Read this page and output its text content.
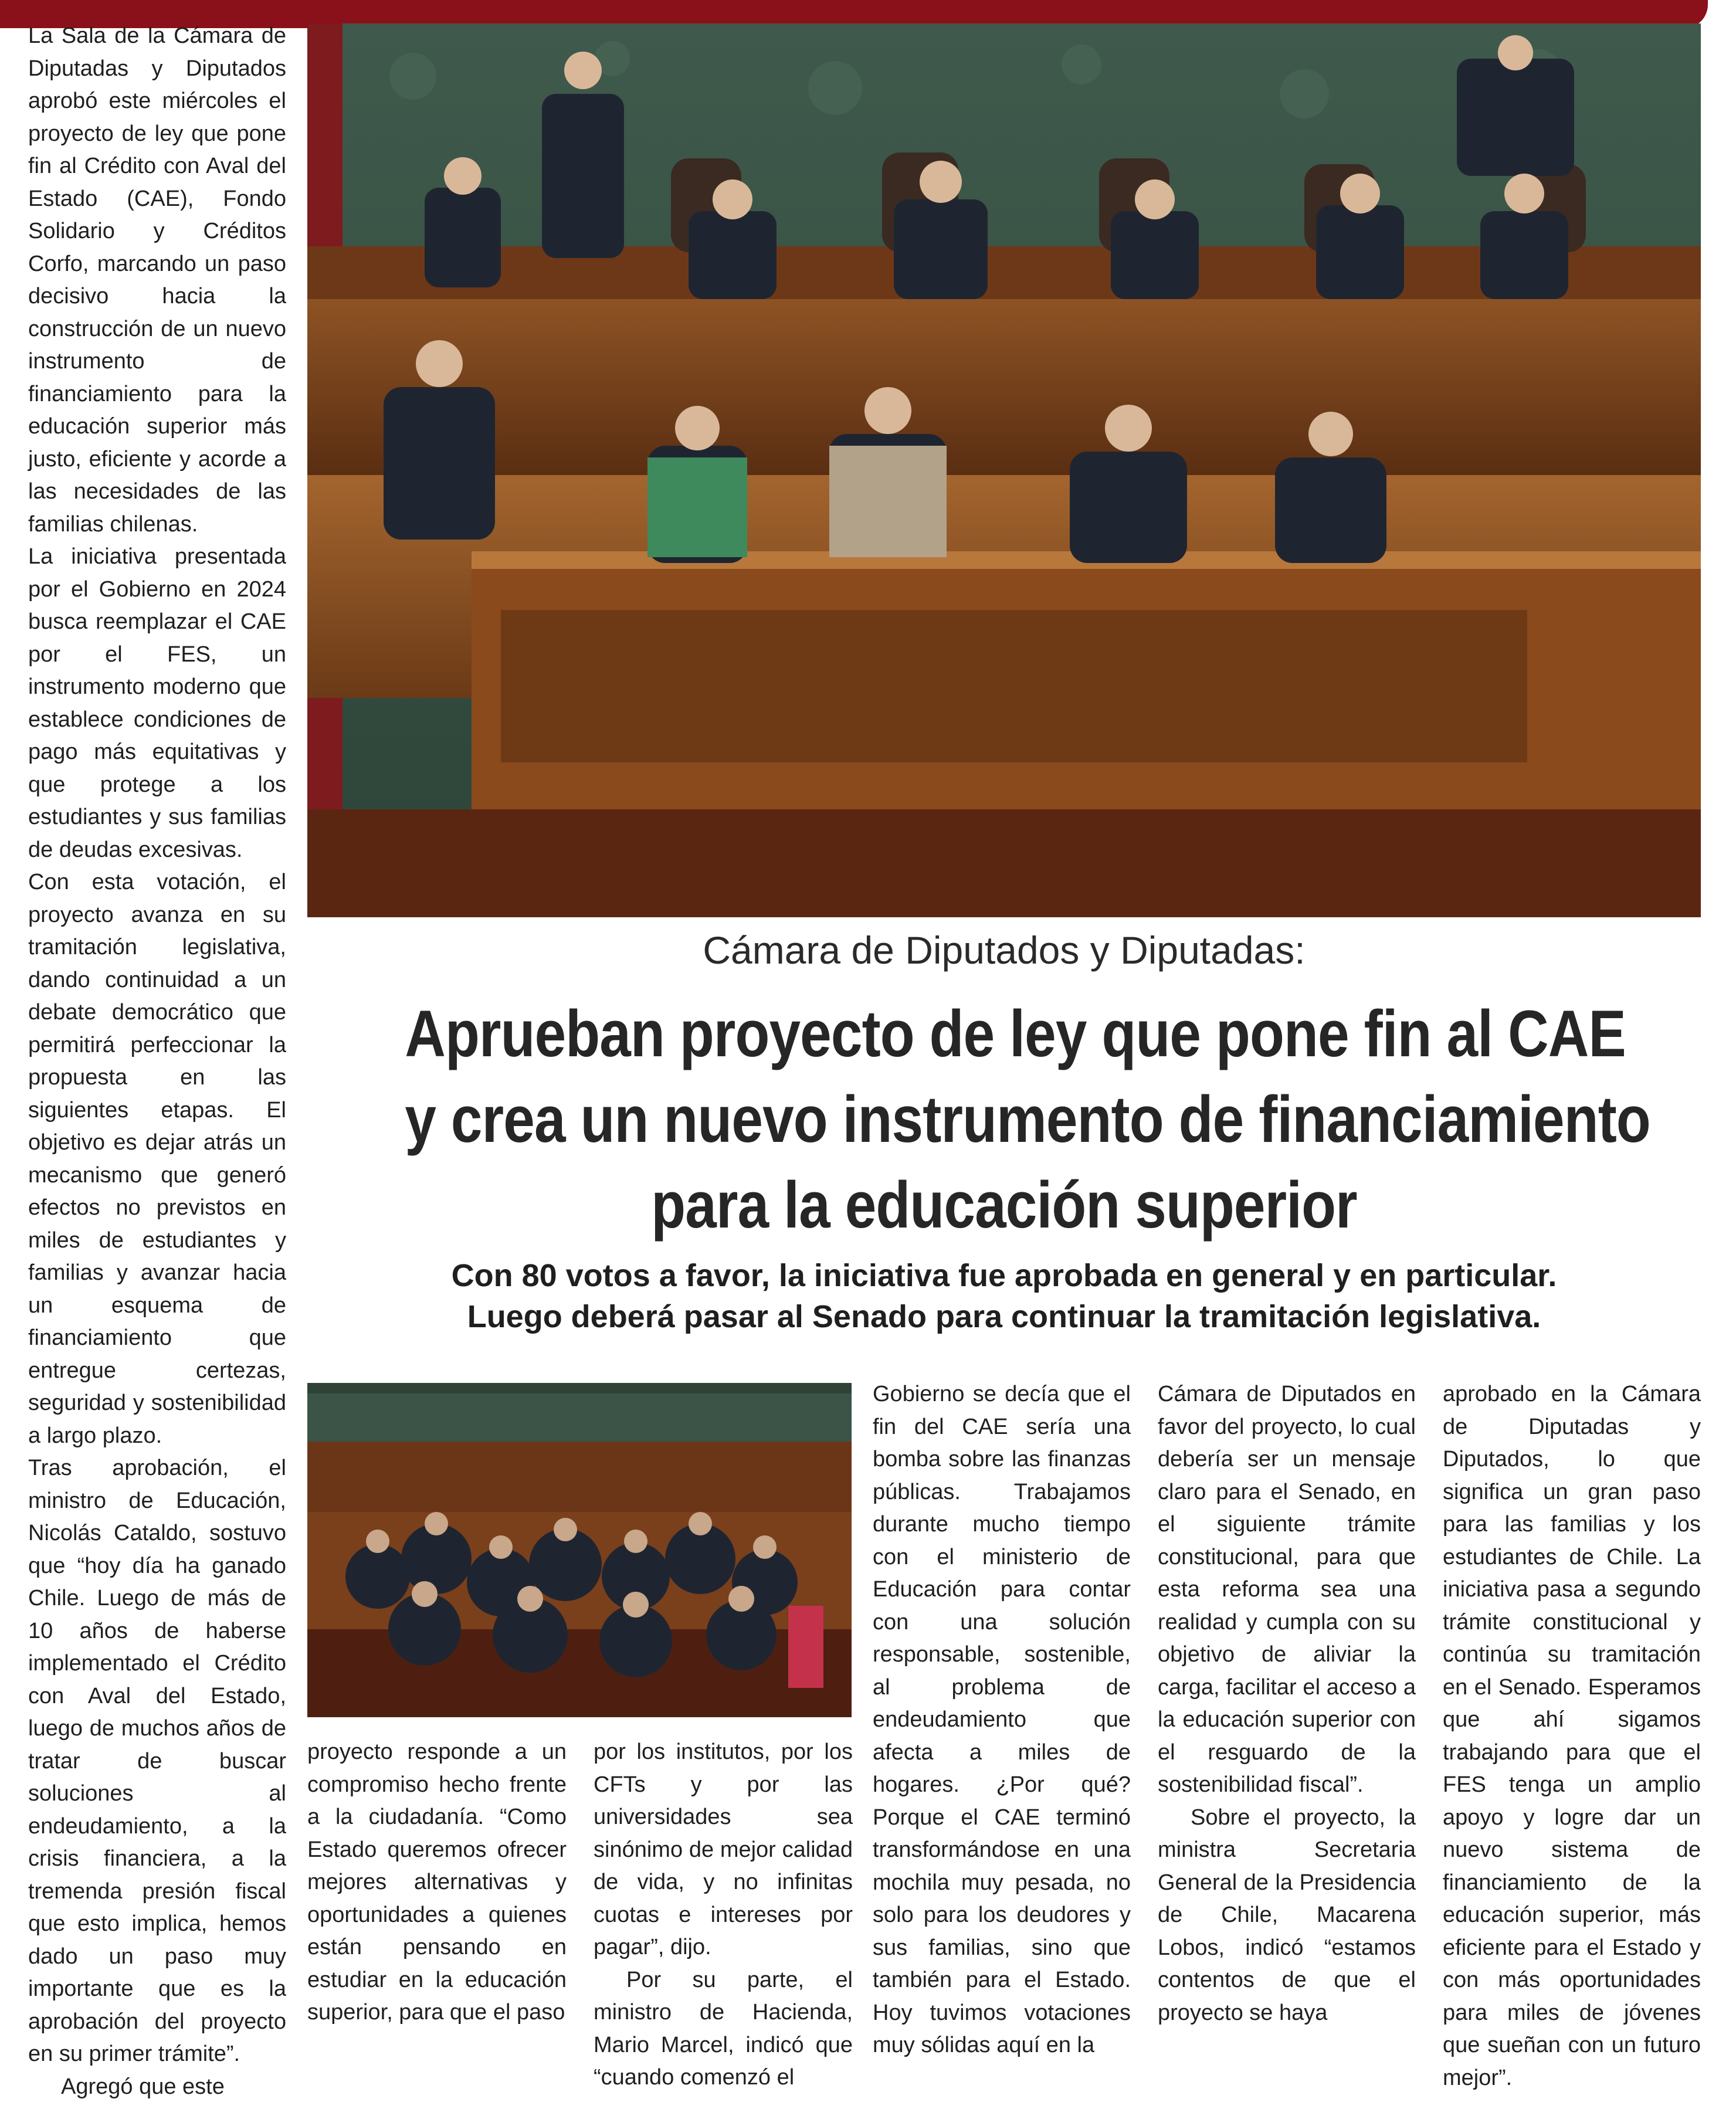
La Sala de la Cámara de Diputadas y Diputados aprobó este miércoles el proyecto de ley que pone fin al Crédito con Aval del Estado (CAE), Fondo Solidario y Créditos Corfo, marcando un paso decisivo hacia la construcción de un nuevo instrumento de financiamiento para la educación superior más justo, eficiente y acorde a las necesidades de las familias chilenas.

La iniciativa presentada por el Gobierno en 2024 busca reemplazar el CAE por el FES, un instrumento moderno que establece condiciones de pago más equitativas y que protege a los estudiantes y sus familias de deudas excesivas.

Con esta votación, el proyecto avanza en su tramitación legislativa, dando continuidad a un debate democrático que permitirá perfeccionar la propuesta en las siguientes etapas. El objetivo es dejar atrás un mecanismo que generó efectos no previstos en miles de estudiantes y familias y avanzar hacia un esquema de financiamiento que entregue certezas, seguridad y sostenibilidad a largo plazo.

Tras aprobación, el ministro de Educación, Nicolás Cataldo, sostuvo que “hoy día ha ganado Chile. Luego de más de 10 años de haberse implementado el Crédito con Aval del Estado, luego de muchos años de tratar de buscar soluciones al endeudamiento, a la crisis financiera, a la tremenda presión fiscal que esto implica, hemos dado un paso muy importante que es la aprobación del proyecto en su primer trámite”.

Agregó que este

Cámara de Diputados y Diputadas:
Aprueban proyecto de ley que pone fin al CAE
y crea un nuevo instrumento de financiamiento
para la educación superior
Con 80 votos a favor, la iniciativa fue aprobada en general y en particular.
Luego deberá pasar al Senado para continuar la tramitación legislativa.

proyecto responde a un compromiso hecho frente a la ciudadanía. “Como Estado queremos ofrecer mejores alternativas y oportunidades a quienes están pensando en estudiar en la educación superior, para que el paso

por los institutos, por los CFTs y por las universidades sea sinónimo de mejor calidad de vida, y no infinitas cuotas e intereses por pagar”, dijo.

Por su parte, el ministro de Hacienda, Mario Marcel, indicó que “cuando comenzó el

Gobierno se decía que el fin del CAE sería una bomba sobre las finanzas públicas. Trabajamos durante mucho tiempo con el ministerio de Educación para contar con una solución responsable, sostenible, al problema de endeudamiento que afecta a miles de hogares. ¿Por qué? Porque el CAE terminó transformándose en una mochila muy pesada, no solo para los deudores y sus familias, sino que también para el Estado. Hoy tuvimos votaciones muy sólidas aquí en la

Cámara de Diputados en favor del proyecto, lo cual debería ser un mensaje claro para el Senado, en el siguiente trámite constitucional, para que esta reforma sea una realidad y cumpla con su objetivo de aliviar la carga, facilitar el acceso a la educación superior con el resguardo de la sostenibilidad fiscal”.

Sobre el proyecto, la ministra Secretaria General de la Presidencia de Chile, Macarena Lobos, indicó “estamos contentos de que el proyecto se haya

aprobado en la Cámara de Diputadas y Diputados, lo que significa un gran paso para las familias y los estudiantes de Chile. La iniciativa pasa a segundo trámite constitucional y continúa su tramitación en el Senado. Esperamos que ahí sigamos trabajando para que el FES tenga un amplio apoyo y logre dar un nuevo sistema de financiamiento de la educación superior, más eficiente para el Estado y con más oportunidades para miles de jóvenes que sueñan con un futuro mejor”.
